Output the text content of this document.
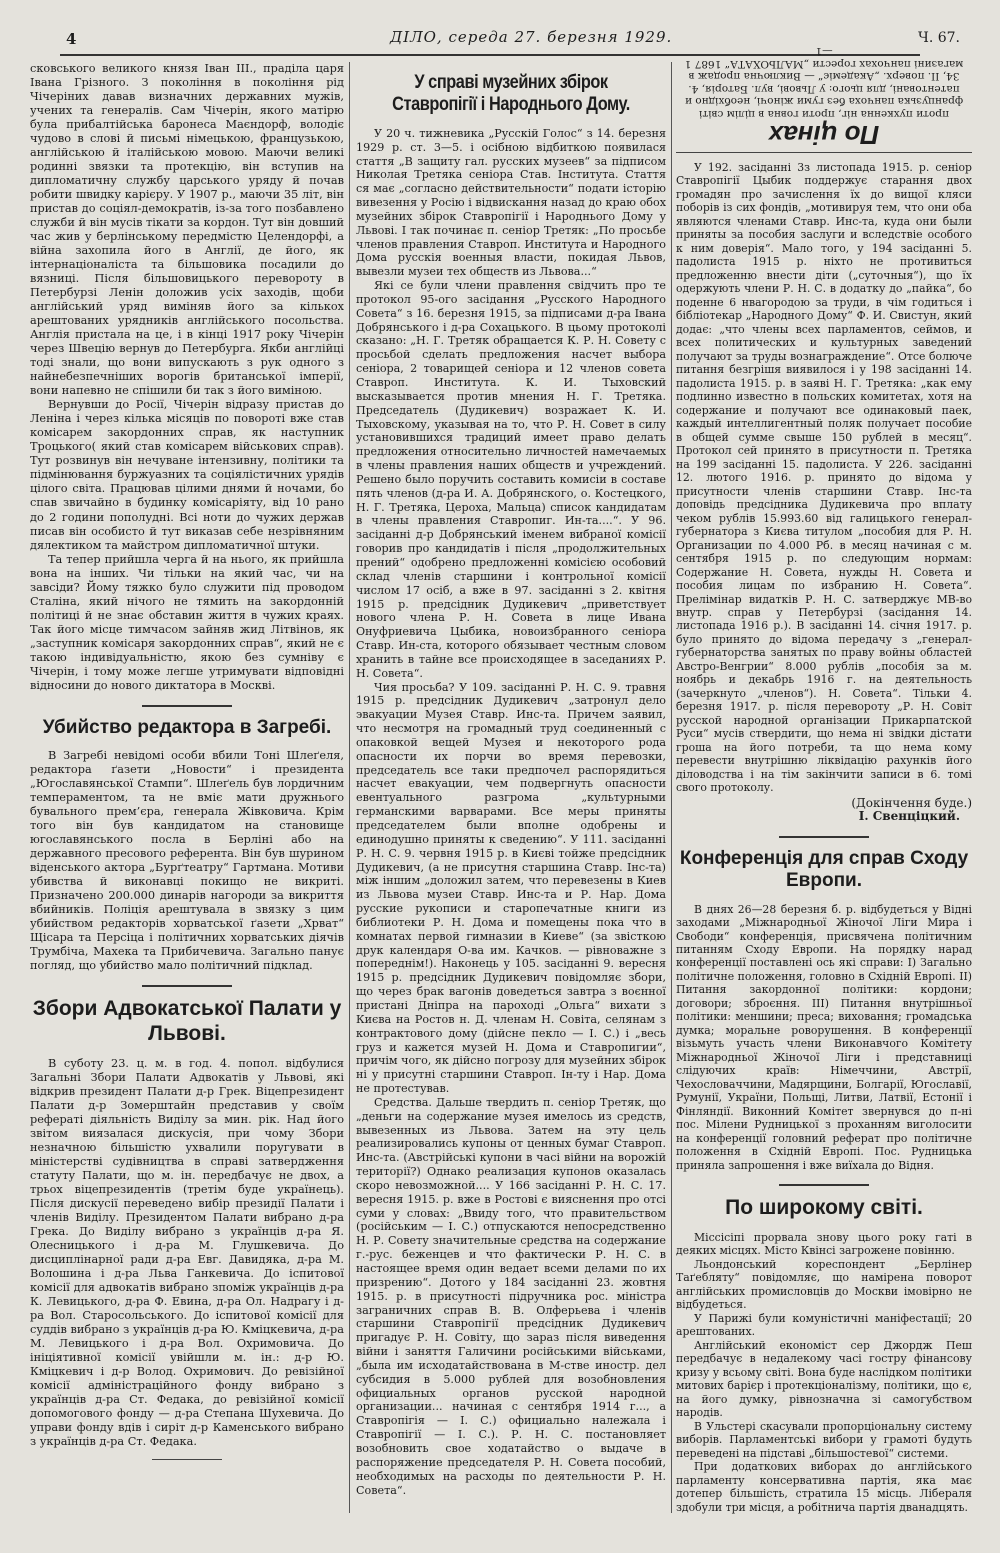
4	ДІЛО, середа 27. березня 1929.	Ч. 67.

сковського великого князя Іван III., праділа царя Івана Грізного. З покоління в покоління рід Чічеріних давав визначних державних мужів, учених та генералів. Сам Чічерін, якого матірю була прибалтійська баронеса Маєндорф, володіє чудово в слові й письмі німецькою, французькою, англійською й італійською мовою. Маючи великі родинні звязки та протекцію, він вступив на дипломатичну службу царського уряду й почав робити швидку карієру. У 1907 р., маючи 35 літ, він пристав до соціял-демократів, із-за того позбавлено служби й він мусів тікати за кордон. Тут він довший час жив у берлінському передмістю Целендорфі, а війна захопила його в Англії, де його, як інтернаціоналіста та більшовика посадили до вязниці. Після більшовицького перевороту в Петербурзі Ленін доложив усіх заходів, щоби англійський уряд виміняв його за кількох арештованих урядників англійського посольства. Англія пристала на це, і в кінці 1917 року Чічерін через Швецію вернув до Петербурга. Якби англійці тоді знали, що вони випускають з рук одного з найнебезпечніших ворогів британської імперії, вони напевно не спішили би так з його виміною.

Вернувши до Росії, Чічерін відразу пристав до Леніна і через кілька місяців по повороті вже став комісарем закордонних справ, як наступник Троцького( який став комісарем військових справ). Тут розвинув він нечуване інтензивну, політики та підмінювання буржуазних та соціялістичних урядів цілого світа. Працював цілими днями й ночами, бо спав звичайно в будинку комісаріяту, від 10 рано до 2 години пополудні. Всі ноти до чужих держав писав він особисто й тут виказав себе незрівняним дялектиком та майстром дипломатичної штуки.

Та тепер прийшла черга й на нього, як прийшла вона на інших. Чи тільки на який час, чи на завсіди? Йому тяжко було служити під проводом Сталіна, який нічого не тямить на закордонній політиці й не знає обставин життя в чужих краях. Так його місце тимчасом зайняв жид Літвінов, як „заступник комісаря закордонних справ“, який не є такою індивідуальністю, якою без сумніву є Чічерін, і тому може легше утримувати відповідні відносини до нового диктатора в Москві.

Убийство редактора в Загребі.

В Загребі невідомі особи вбили Тоні Шлеґеля, редактора ґазети „Новости“ і президента „Югославянської Стампи“. Шлеґель був лордичним темпераментом, та не вміє мати дружнього бувального прем’єра, генерала Жівковича. Крім того він був кандидатом на становище югославянського посла в Берліні або на державного пресового референта. Він був шурином віденського актора „Бурґтеатру“ Гартмана. Мотиви убивства й виконавці покищо не викриті. Призначено 200.000 динарів нагороди за викриття вбийників. Поліція арештувала в звязку з цим убийством редакторів хорватської ґазети „Хрват“ Щісарa та Персіца і політичних хорватських діячів Трумбіча, Махека та Прибичевича. Загально панує погляд, що убийство мало політичний підклад.

Збори Адвокатської Палати у Львові.

В суботу 23. ц. м. в год. 4. попол. відбулися Загальні Збори Палати Адвокатів у Львові, які відкрив президент Палати д-р Грек. Віцепрезидент Палати д-р Зомерштайн представив у своїм рефераті діяльність Виділу за мин. рік. Над його звітом виязалася дискусія, при чому Збори незначною більшістю ухвалили поругувати в міністерстві судівництва в справі затвердження статуту Палати, що м. ін. передбачує не двох, а трьох віцепрезидентів (третім буде українець). Після дискусії переведено вибір президії Палати і членів Виділу. Президентом Палати вибрано д-ра Грека. До Виділу вибрано з українців д-ра Я. Олесницького і д-ра М. Глушкевича. До дисциплінарної ради д-ра Евг. Давидяка, д-ра М. Волошина і д-ра Льва Ганкевича. До іспитової комісії для адвокатів вибрано зпоміж українців д-ра К. Левицького, д-ра Ф. Евина, д-ра Ол. Надрагу і д-ра Вол. Старосольського. До іспитової комісії для суддів вибрано з українців д-ра Ю. Кміцкевича, д-ра М. Левицького і д-ра Вол. Охримовича. До ініціятивної комісії увійшли м. ін.: д-р Ю. Кміцкевич і д-р Волод. Охримович. До ревізійної комісії адміністраційного фонду вибрано з українців д-ра Ст. Федака, до ревізійної комісії допомогового фонду — д-ра Степана Шухевича. До управи фонду вдів і сиріт д-р Каменського вибрано з українців д-ра Ст. Федака.

У справі музейних збірок Ставропігії і Народнього Дому.

У 20 ч. тижневика „Русскій Голос“ з 14. березня 1929 р. ст. 3—5. і осібною відбиткою появилася стаття „В защиту гал. русских музеев“ за підписом Николая Третяка сеніора Став. Інститута. Стаття ся має „согласно действительности“ подати історію вивезення у Росію і відвискання назад до краю обох музейних збірок Ставропігії і Народнього Дому у Львові. І так починає п. сеніор Третяк: „По просьбе членов правления Ставроп. Института и Народного Дома русскія военныя власти, покидая Львов, вывезли музеи тех обществ из Львова...“

Які се були члени правлення свідчить про те протокол 95-ого засідання „Русского Народного Совета“ з 16. березня 1915, за підписами д-ра Івана Добрянського і д-ра Сохацького. В цьому протоколі сказано: „Н. Г. Третяк обращается К. Р. Н. Совету с просьбой сделать предложения насчет выбора сеніора, 2 товарищей сеніора и 12 членов совета Ставроп. Института. К. И. Тыховский высказывается против мнения Н. Г. Третяка. Председатель (Дудикевич) возражает К. И. Тыховскому, указывая на то, что Р. Н. Совет в силу установившихся традиций имеет право делать предложения относительно личностей намечаемых в члены правления наших обществ и учреждений. Решено было поручить составить комисіи в составе пять членов (д-ра И. А. Добрянского, о. Костецкого, Н. Г. Третяка, Цероха, Мальца) список кандидатам в члены правления Ставропиг. Ин-та....“. У 96. засіданні д-р Добрянський іменем вибраної комісії говорив про кандидатів і після „продолжительных прений“ одобрено предложенні комісією особовий склад членів старшини і контрольної комісії числом 17 осіб, а вже в 97. засіданні з 2. квітня 1915 р. предсідник Дудикевич „приветствует нового члена Р. Н. Совета в лице Ивана Онуфриевича Цыбика, новоизбранного сеніора Ставр. Ин-ста, которого обязывает честным словом хранить в тайне все происходящее в заседаниях Р. Н. Совета“.

Чия просьба? У 109. засіданні Р. Н. С. 9. травня 1915 р. предсідник Дудикевич „затронул дело эвакуации Музея Ставр. Инс-та. Причем заявил, что несмотря на громадный труд соединенный с опаковкой вещей Музея и некоторого рода опасности их порчи во время перевозки, председатель все таки предпочел распорядиться насчет евакуации, чем подвергнуть опасности евентуального разгрома „культурными германскими варварами. Все меры приняты председателем были вполне одобрены и единодушно приняты к сведению“. У 111. засіданні Р. Н. С. 9. червня 1915 р. в Києві тойже предсідник Дудикевич, (а не присутня старшина Ставр. Інс-та) між іншим „доложил затем, что перевезены в Киев из Львова музеи Ставр. Инс-та и Р. Нар. Дома русские рукописи и старопечатные книги из библиотеки Р. Н. Дома и помещены пока что в комнатах первой гимназии в Киеве“ (за звісткою друк календаря О-ва им. Качков. — рівноважне з попереднім!). Наконець у 105. засіданні 9. вересня 1915 р. предсідник Дудикевич повідомляє збори, що через брак вагонів доведеться завтра з воєнної пристані Дніпра на пароході „Ольга“ вихати з Києва на Ростов н. Д. членам Н. Совіта, селянам з контрактового дому (дійсне пекло — І. С.) і „весь груз и кажется музей Н. Дома и Ставропигии“, причім чого, як дійсно погрозу для музейних збірок ні у присутні старшини Ставроп. Ін-ту і Нар. Дома не протестував.

Средства. Дальше твердить п. сеніор Третяк, що „деньги на содержание музея имелось из средств, вывезенных из Львова. Затем на эту цель реализировались купоны от ценных бумаг Ставроп. Инс-та. (Австрійські купони в часі війни на ворожій території?) Однако реализация купонов оказалась скоро невозможной.... У 166 засіданні Р. Н. С. 17. вересня 1915. р. вже в Ростові є вияснення про отсі суми у словах: „Ввиду того, что правительством (російським — І. С.) отпускаются непосредственно Н. Р. Совету значительные средства на содержание г.-рус. беженцев и что фактически Р. Н. С. в настоящее время один ведает всеми делами по их призрению“. Дотого у 184 засіданні 23. жовтня 1915. р. в присутності підручника рос. міністра заграничних справ В. В. Олферьева і членів старшини Ставропігії предсідник Дудикевич пригадує Р. Н. Совіту, що зараз після виведення війни і заняття Галичини російськими військами, „была им исходатайствована в М-стве иностр. дел субсидия в 5.000 рублей для возобновления официальных органов русской народной организации... начиная с сентября 1914 г..., а Ставропігія — І. С.) официально належала і Ставропігії — І. С.). Р. Н. С. постановляет возобновить свое ходатайство о выдаче в распоряжение председателя Р. Н. Совета пособий, необходимых на расходы по деятельности Р. Н. Совета“.

По цінах
проти пухкенна ніг, проти говна в цілім світі французька панчоха без гуми жіночі, необхідно и патентовані, для цього: у Львові, вул. Баторія, 4. 34, II. поверх. „Академіє“ — Виключна продаж в магазині панчохах горести „МАЛЬОХАТА“ 1687 1—1

У 192. засіданні 3з листопада 1915. р. сеніор Ставропігії Цыбик поддержує старання двох громадян про зачислення їх до вищої кляси поборів із сих фондів, „мотивируя тем, что они оба являются членами Ставр. Инс-та, куда они были приняты за пособия заслуги и вследствіе особого к ним доверія“. Мало того, у 194 засіданні 5. падолиста 1915 р. ніхто не противиться предложенню внести діти („суточныя“), що їх одержують члени Р. Н. С. в додатку до „пайка“, бо поденне 6 нвагородою за труди, в чім годиться і бібліотекар „Народного Дому“ Ф. И. Свистун, який додає: „что члены всех парламентов, сеймов, и всех политических и культурных заведений получают за труды вознаграждение“. Отсе болюче питання безгрішя виявилося і у 198 засіданні 14. падолиста 1915. р. в заяві Н. Г. Третяка: „как ему подлинно известно в польских комитетах, хотя на содержание и получают все одинаковый паек, каждый интеллигентный поляк получает пособие в общей сумме свыше 150 рублей в месяц“. Протокол сей принято в присутности п. Третяка на 199 засіданні 15. падолиста. У 226. засіданні 12. лютого 1916. р. принято до відома у присутности членів старшини Ставр. Інс-та доповідь предсідника Дудикевича про вплату чеком рублів 15.993.60 від галицького генерал-губернатора з Києва титулом „пособия для Р. Н. Организации по 4.000 Рб. в месяц начиная с м. сентября 1915 р. по следующим нормам: Содержание Н. Совета, нужды Н. Совета и пособия лицам по избранию Н. Совета“. Прелімінар видатків Р. Н. С. затверджує МВ-во внутр. справ у Петербурзі (засідання 14. листопада 1916 р.). В засіданні 14. січня 1917. р. було принято до відома передачу з „генерал-губернаторства занятых по праву войны областей Австро-Венгрии“ 8.000 рублів „пособія за м. ноябрь и декабрь 1916 г. на деятельность (зачеркнуто „членов“). Н. Совета“. Тільки 4. березня 1917. р. після перевороту „Р. Н. Совіт русской народной організации Прикарпатской Руси“ мусів ствердити, що нема ні звідки дістати гроша на його потреби, та що нема кому перевести внутрішню ліквідацію рахунків його діловодства і на тім закінчити записи в 6. томі свого протоколу.

(Докінчення буде.)
І. Свенціцкий.
Конференція для справ Сходу Европи.

В днях 26—28 березня б. р. відбудеться у Відні заходами „Міжнародньої Жіночої Ліги Мира і Свободи“ конференція, присвячена політичним питанням Сходу Европи. На порядку нарад конференції поставлені ось які справи: І) Загально політичне положення, головно в Східній Европі. ІІ) Питання закордонної політики: кордони; договори; зброєння. ІІІ) Питання внутрішньої політики: меншини; преса; виховання; громадська думка; моральне роворушення. В конференції візьмуть участь члени Виконавчого Комітету Міжнародньої Жіночої Ліги і представниці слідуючих країв: Німеччини, Австрії, Чехословаччини, Мадярщини, Болгарії, Югославії, Румунії, України, Польщі, Литви, Латвії, Естонії і Фінляндії. Виконний Комітет звернувся до п-ні пос. Мілени Рудницької з проханням виголосити на конференції головний реферат про політичне положення в Східній Европі. Пос. Рудницька приняла запрошення і вже виїхала до Відня.

По широкому світі.

Міссісіпі прорвала знову цього року гаті в деяких місцях. Місто Квінсі загрожене повінню.

Льондонський кореспондент „Берлінер Таґеблятy“ повідомляє, що намірена поворот англійських промисловців до Москви імовірно не відбудеться.

У Парижі були комуністичні маніфестації; 20 арештованих.

Англійський економіст сер Джордж Пеш передбачує в недалекому часі гостру фінансову кризу у всьому світі. Вона буде наслідком політики митових барієр і протекціоналізму, політики, що є, на його думку, рівнозначна зі самогубством народів.

В Ульстері скасували пропорціональну систему виборів. Парламентські вибори у грамоті будуть переведені на підставі „більшостевої“ системи.

При додаткових виборах до англійського парламенту консервативна партія, яка має дотепер більшість, стратила 15 місць. Лібераля здобули три місця, а робітнича партія дванадцять.
